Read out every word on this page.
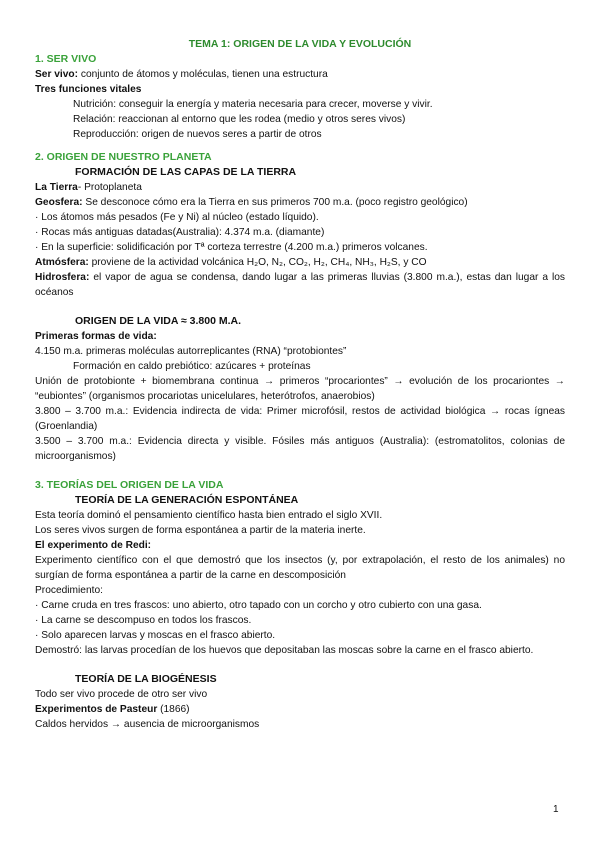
TEMA 1: ORIGEN DE LA VIDA Y EVOLUCIÓN
1. SER VIVO
Ser vivo: conjunto de átomos y moléculas, tienen una estructura
Tres funciones vitales
Nutrición: conseguir la energía y materia necesaria para crecer, moverse y vivir.
Relación: reaccionan al entorno que les rodea (medio y otros seres vivos)
Reproducción: origen de nuevos seres a partir de otros
2. ORIGEN DE NUESTRO PLANETA
FORMACIÓN DE LAS CAPAS DE LA TIERRA
La Tierra- Protoplaneta
Geosfera: Se desconoce cómo era la Tierra en sus primeros 700 m.a. (poco registro geológico)
· Los átomos más pesados (Fe y Ni) al núcleo (estado líquido).
· Rocas más antiguas datadas(Australia): 4.374 m.a. (diamante)
· En la superficie: solidificación por Tª corteza terrestre (4.200 m.a.) primeros volcanes.
Atmósfera: proviene de la actividad volcánica H₂O, N₂, CO₂, H₂, CH₄, NH₃, H₂S, y CO
Hidrosfera: el vapor de agua se condensa, dando lugar a las primeras lluvias (3.800 m.a.), estas dan lugar a los océanos
ORIGEN DE LA VIDA ≈ 3.800 M.A.
Primeras formas de vida:
4.150 m.a. primeras moléculas autorreplicantes (RNA) “protobiontes”
Formación en caldo prebiótico: azúcares + proteínas
Unión de protobionte + biomembrana continua → primeros “procariontes” → evolución de los procariontes → “eubiontes” (organismos procariotas unicelulares, heterótrofos, anaerobios)
3.800 – 3.700 m.a.: Evidencia indirecta de vida: Primer microfósil, restos de actividad biológica → rocas ígneas (Groenlandia)
3.500 – 3.700 m.a.: Evidencia directa y visible. Fósiles más antiguos (Australia): (estromatolitos, colonias de microorganismos)
3. TEORÍAS DEL ORIGEN DE LA VIDA
TEORÍA DE LA GENERACIÓN ESPONTÁNEA
Esta teoría dominó el pensamiento científico hasta bien entrado el siglo XVII.
Los seres vivos surgen de forma espontánea a partir de la materia inerte.
El experimento de Redi:
Experimento científico con el que demostró que los insectos (y, por extrapolación, el resto de los animales) no surgían de forma espontánea a partir de la carne en descomposición
Procedimiento:
· Carne cruda en tres frascos: uno abierto, otro tapado con un corcho y otro cubierto con una gasa.
· La carne se descompuso en todos los frascos.
· Solo aparecen larvas y moscas en el frasco abierto.
Demostró: las larvas procedían de los huevos que depositaban las moscas sobre la carne en el frasco abierto.
TEORÍA DE LA BIOGÉNESIS
Todo ser vivo procede de otro ser vivo
Experimentos de Pasteur (1866)
Caldos hervidos → ausencia de microorganismos
1
